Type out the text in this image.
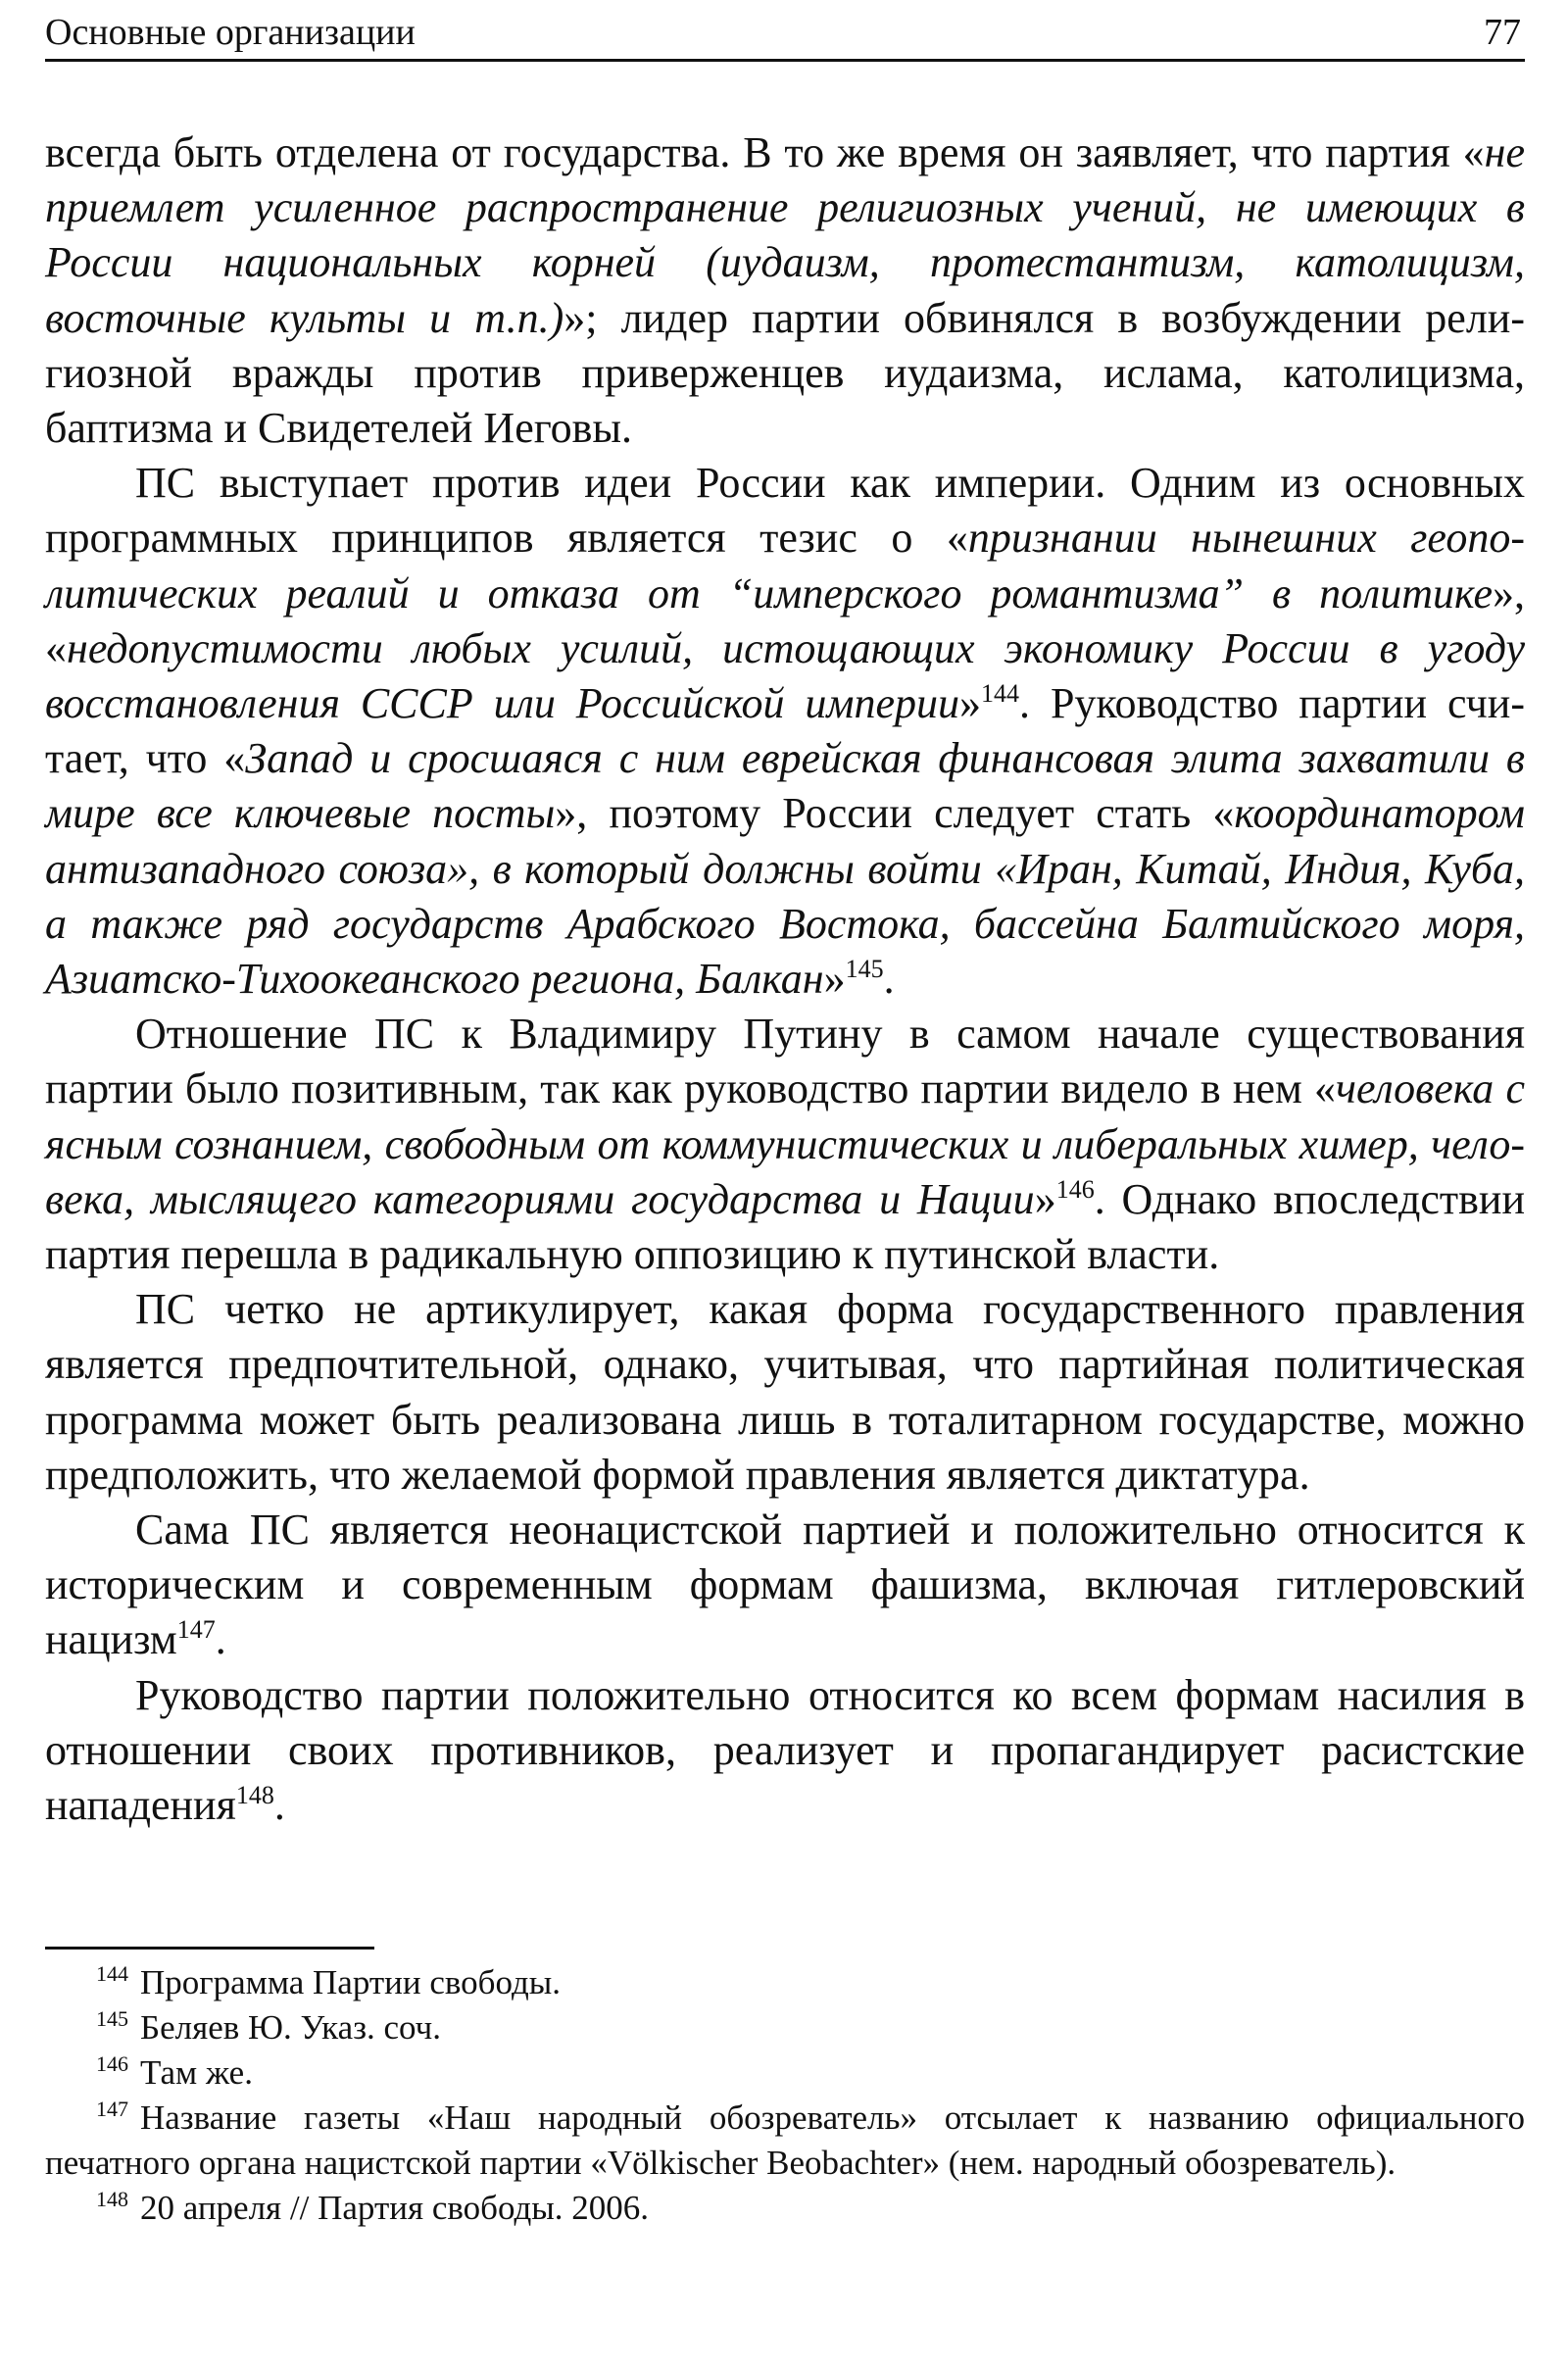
Основные организации	77

всегда быть отделена от государства. В то же время он заявляет, что партия «не приемлет усиленное распространение религиозных учений, не имеющих в России национальных корней (иудаизм, протестантизм, католицизм, восточные культы и т.п.)»; лидер партии обвинялся в возбуждении религиозной вражды против приверженцев иудаизма, ислама, католицизма, баптизма и Свидетелей Иеговы.

ПС выступает против идеи России как империи. Одним из основных программных принципов является тезис о «признании нынешних геополитических реалий и отказа от “имперского романтизма” в политике», «недопустимости любых усилий, истощающих экономику России в угоду восстановления СССР или Российской империи»$^{144}$. Руководство партии считает, что «Запад и сросшаяся с ним еврейская финансовая элита захватили в мире все ключевые посты», поэтому России следует стать «координатором антизападного союза», в который должны войти «Иран, Китай, Индия, Куба, а также ряд государств Арабского Востока, бассейна Балтийского моря, Азиатско-Тихоокеанского региона, Балкан»$^{145}$.

Отношение ПС к Владимиру Путину в самом начале существования партии было позитивным, так как руководство партии видело в нем «человека с ясным сознанием, свободным от коммунистических и либеральных химер, человека, мыслящего категориями государства и Нации»$^{146}$. Однако впоследствии партия перешла в радикальную оппозицию к путинской власти.

ПС четко не артикулирует, какая форма государственного правления является предпочтительной, однако, учитывая, что партийная политическая программа может быть реализована лишь в тоталитарном государстве, можно предположить, что желаемой формой правления является диктатура.

Сама ПС является неонацистской партией и положительно относится к историческим и современным формам фашизма, включая гитлеровский нацизм$^{147}$.

Руководство партии положительно относится ко всем формам насилия в отношении своих противников, реализует и пропагандирует расистские нападения$^{148}$.

$^{144}$ Программа Партии свободы.

$^{145}$ Беляев Ю. Указ. соч.

$^{146}$ Там же.

$^{147}$ Название газеты «Наш народный обозреватель» отсылает к названию официального печатного органа нацистской партии «Völkischer Beobachter» (нем. народный обозреватель).

$^{148}$ 20 апреля // Партия свободы. 2006.
